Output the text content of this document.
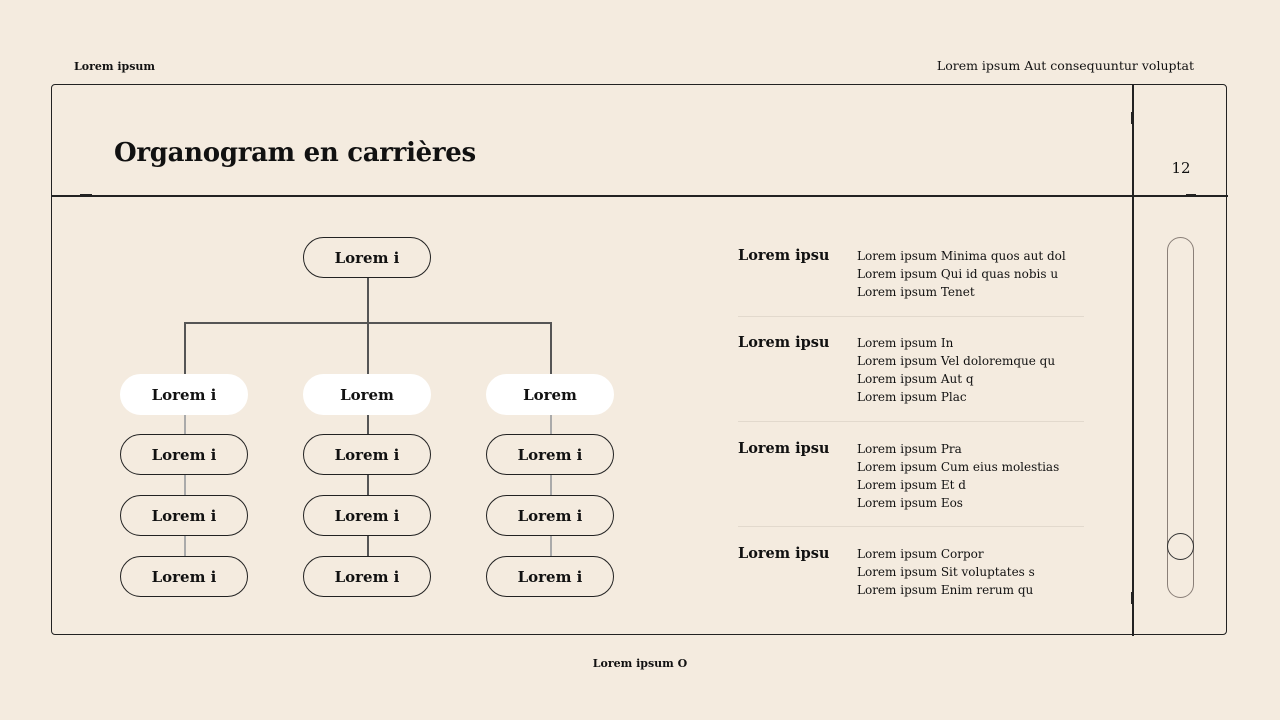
Lorem ipsum	Lorem ipsum Aut consequuntur voluptat
Organogram en carrières	12
Lorem i
Lorem i	Lorem	Lorem
Lorem i
Lorem i
Lorem i
Lorem i
Lorem i
Lorem i
Lorem i
Lorem i
Lorem i
Lorem ipsu Lorem ipsum Minima quos aut dol
Lorem ipsum Qui id quas nobis u
Lorem ipsum Tenet
Lorem ipsu Lorem ipsum In
Lorem ipsum Vel doloremque qu
Lorem ipsum Aut q
Lorem ipsum Plac
Lorem ipsu Lorem ipsum Pra
Lorem ipsum Cum eius molestias
Lorem ipsum Et d
Lorem ipsum Eos
Lorem ipsu Lorem ipsum Corpor
Lorem ipsum Sit voluptates s
Lorem ipsum Enim rerum qu
Lorem ipsum O
